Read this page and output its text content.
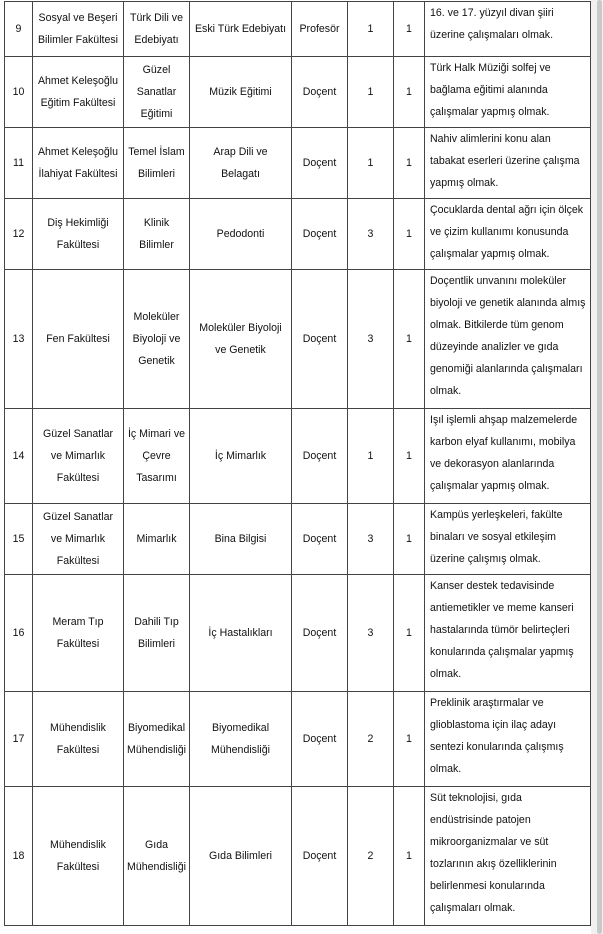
9	Sosyal ve Beşeri Bilimler Fakültesi	Türk Dili ve Edebiyatı	Eski Türk Edebiyatı	Profesör	1	1	16. ve 17. yüzyıl divan şiiri üzerine çalışmaları olmak.
10	Ahmet Keleşoğlu Eğitim Fakültesi	Güzel Sanatlar Eğitimi	Müzik Eğitimi	Doçent	1	1	Türk Halk Müziği solfej ve bağlama eğitimi alanında çalışmalar yapmış olmak.
11	Ahmet Keleşoğlu İlahiyat Fakültesi	Temel İslam Bilimleri	Arap Dili ve Belagatı	Doçent	1	1	Nahiv alimlerini konu alan tabakat eserleri üzerine çalışma yapmış olmak.
12	Diş Hekimliği Fakültesi	Klinik Bilimler	Pedodonti	Doçent	3	1	Çocuklarda dental ağrı için ölçek ve çizim kullanımı konusunda çalışmalar yapmış olmak.
13	Fen Fakültesi	Moleküler Biyoloji ve Genetik	Moleküler Biyoloji ve Genetik	Doçent	3	1	Doçentlik unvanını moleküler biyoloji ve genetik alanında almış olmak. Bitkilerde tüm genom düzeyinde analizler ve gıda genomiği alanlarında çalışmaları olmak.
14	Güzel Sanatlar ve Mimarlık Fakültesi	İç Mimari ve Çevre Tasarımı	İç Mimarlık	Doçent	1	1	Işıl işlemli ahşap malzemelerde karbon elyaf kullanımı, mobilya ve dekorasyon alanlarında çalışmalar yapmış olmak.
15	Güzel Sanatlar ve Mimarlık Fakültesi	Mimarlık	Bina Bilgisi	Doçent	3	1	Kampüs yerleşkeleri, fakülte binaları ve sosyal etkileşim üzerine çalışmış olmak.
16	Meram Tıp Fakültesi	Dahili Tıp Bilimleri	İç Hastalıkları	Doçent	3	1	Kanser destek tedavisinde antiemetikler ve meme kanseri hastalarında tümör belirteçleri konularında çalışmalar yapmış olmak.
17	Mühendislik Fakültesi	Biyomedikal Mühendisliği	Biyomedikal Mühendisliği	Doçent	2	1	Preklinik araştırmalar ve glioblastoma için ilaç adayı sentezi konularında çalışmış olmak.
18	Mühendislik Fakültesi	Gıda Mühendisliği	Gıda Bilimleri	Doçent	2	1	Süt teknolojisi, gıda endüstrisinde patojen mikroorganizmalar ve süt tozlarının akış özelliklerinin belirlenmesi konularında çalışmaları olmak.
